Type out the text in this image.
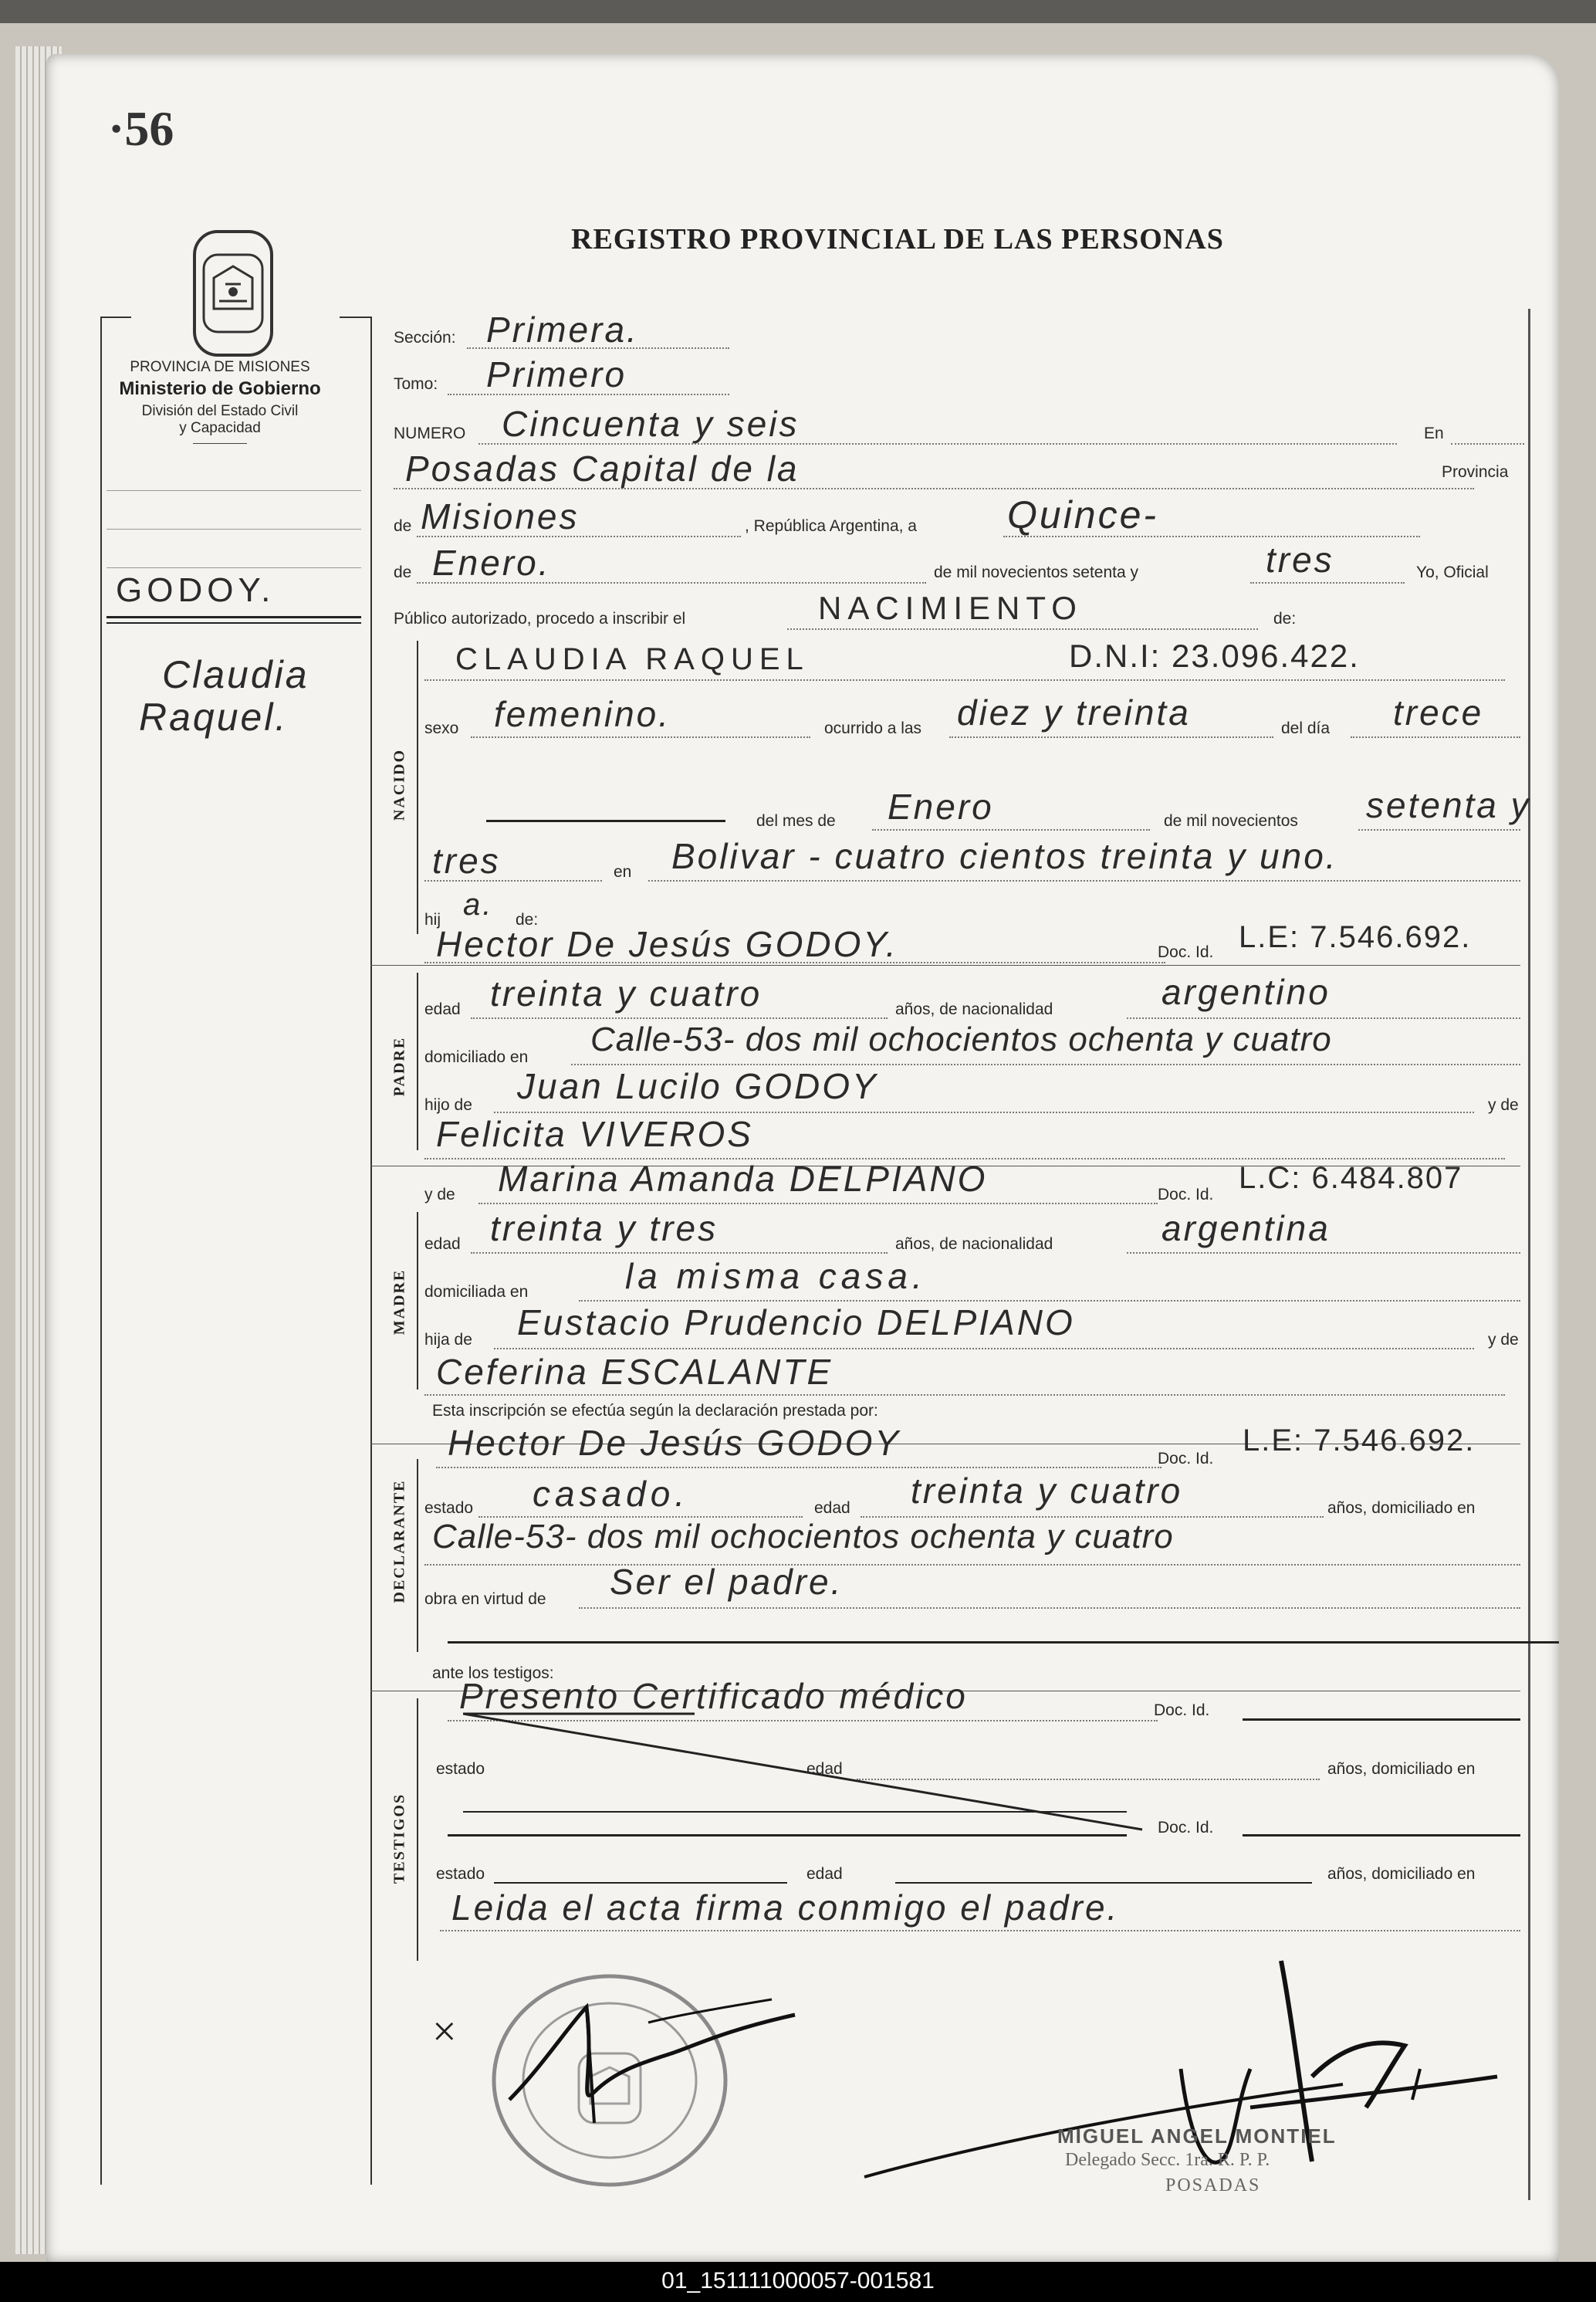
·56
REGISTRO PROVINCIAL DE LAS PERSONAS
PROVINCIA DE MISIONES
Ministerio de Gobierno
División del Estado Civil
y Capacidad
GODOY.
Claudia
Raquel.
Sección: Primera.
Tomo: Primero
NUMERO Cincuenta y seis	En
Posadas Capital de la	Provincia
de Misiones	, República Argentina, a Quince-
de Enero.	de mil novecientos setenta y	tres	Yo, Oficial
Público autorizado, procedo a inscribir el	NACIMIENTO	de:
NACIDO
CLAUDIA RAQUEL	D.N.I: 23.096.422.
sexo femenino.	ocurrido a las diez y treinta	del día trece
del mes de Enero	de mil novecientos setenta y
tres	en Bolivar - cuatro cientos treinta y uno.
hij a. de:
Hector De Jesús GODOY.	Doc. Id. L.E: 7.546.692.
PADRE
edad treinta y cuatro	años, de nacionalidad	argentino
domiciliado en Calle-53- dos mil ochocientos ochenta y cuatro
hijo de Juan Lucilo GODOY	y de
Felicita VIVEROS
y de Marina Amanda DELPIANO	Doc. Id. L.C: 6.484.807
MADRE
edad treinta y tres	años, de nacionalidad	argentina
domiciliada en	la misma casa.
hija de Eustacio Prudencio DELPIANO	y de
Ceferina ESCALANTE
Esta inscripción se efectúa según la declaración prestada por:
Hector De Jesús GODOY	Doc. Id.
L.E: 7.546.692.
DECLARANTE estado casado.	edad treinta y cuatro	años, domiciliado en
Calle-53- dos mil ochocientos ochenta y cuatro
obra en virtud de Ser el padre.
ante los testigos:
Presento Certificado médico	Doc. Id.
TESTIGOS
estado	edad	años, domiciliado en
Doc. Id.
estado	edad	años, domiciliado en
Leida el acta firma conmigo el padre.
×
MIGUEL ANGEL MONTIEL
Delegado Secc. 1ra. R. P. P.
POSADAS
01_151111000057-001581
